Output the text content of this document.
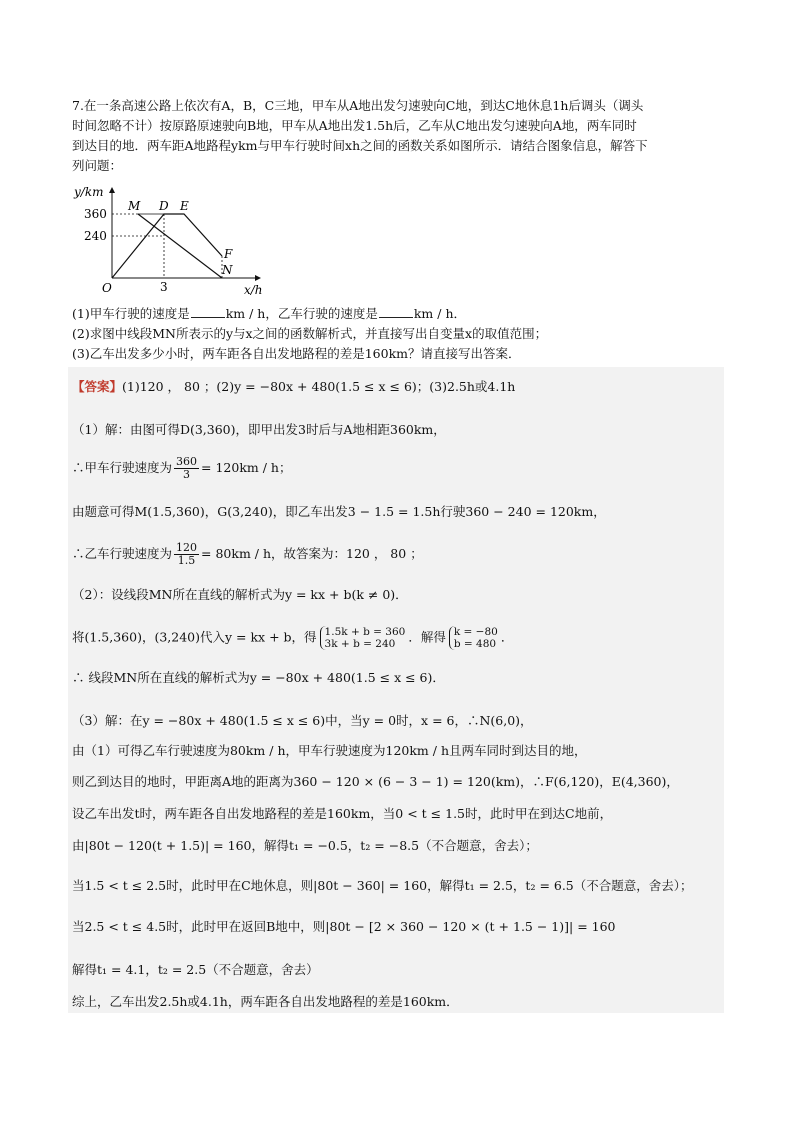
7.在一条高速公路上依次有A，B，C三地，甲车从A地出发匀速驶向C地，到达C地休息1h后调头（调头

时间忽略不计）按原路原速驶向B地，甲车从A地出发1.5h后，乙车从C地出发匀速驶向A地，两车同时

到达目的地．两车距A地路程ykm与甲车行驶时间xh之间的函数关系如图所示．请结合图象信息，解答下

列问题：

y/km
x/h
O
360
240
3
M D E
F
N
(1)甲车行驶的速度是	km / h，乙车行驶的速度是	km / h．
(2)求图中线段MN所表示的y与x之间的函数解析式，并直接写出自变量x的取值范围；
(3)乙车出发多少小时，两车距各自出发地路程的差是160km？请直接写出答案．
【答案】(1)120 ， 80 ；(2)y = −80x + 480(1.5 ≤ x ≤ 6)；(3)2.5h或4.1h
（1）解：由图可得D(3,360)，即甲出发3时后与A地相距360km，
∴甲车行驶速度为 $\frac{360}{3} = 120km / h$；
由题意可得M(1.5,360)，G(3,240)，即乙车出发3 − 1.5 = 1.5h行驶360 − 240 = 120km，
∴乙车行驶速度为 $\frac{120}{1.5} = 80km / h$，故答案为：120 ， 80 ；
（2）：设线段MN所在直线的解析式为y = kx + b(k ≠ 0)．
将(1.5,360)，(3,240)代入y = kx + b，得 1.5k + b = 360
3k + b = 240	．解得 k = −80
b = 480 ．
∴ 线段MN所在直线的解析式为y = −80x + 480(1.5 ≤ x ≤ 6)．
（3）解：在y = −80x + 480(1.5 ≤ x ≤ 6)中，当y = 0时，x = 6，∴N(6,0)，
由（1）可得乙车行驶速度为80km / h，甲车行驶速度为120km / h且两车同时到达目的地，
则乙到达目的地时，甲距离A地的距离为360 − 120 × (6 − 3 − 1) = 120(km)，∴F(6,120)，E(4,360)，
设乙车出发t时，两车距各自出发地路程的差是160km，当0 < t ≤ 1.5时，此时甲在到达C地前，
由|80t − 120(t + 1.5)| = 160，解得t₁ = −0.5，t₂ = −8.5（不合题意，舍去）；
当1.5 < t ≤ 2.5时，此时甲在C地休息，则|80t − 360| = 160，解得t₁ = 2.5，t₂ = 6.5（不合题意，舍去）；
当2.5 < t ≤ 4.5时，此时甲在返回B地中，则|80t − [2 × 360 − 120 × (t + 1.5 − 1)]| = 160
解得t₁ = 4.1，t₂ = 2.5（不合题意，舍去）
综上，乙车出发2.5h或4.1h，两车距各自出发地路程的差是160km．
